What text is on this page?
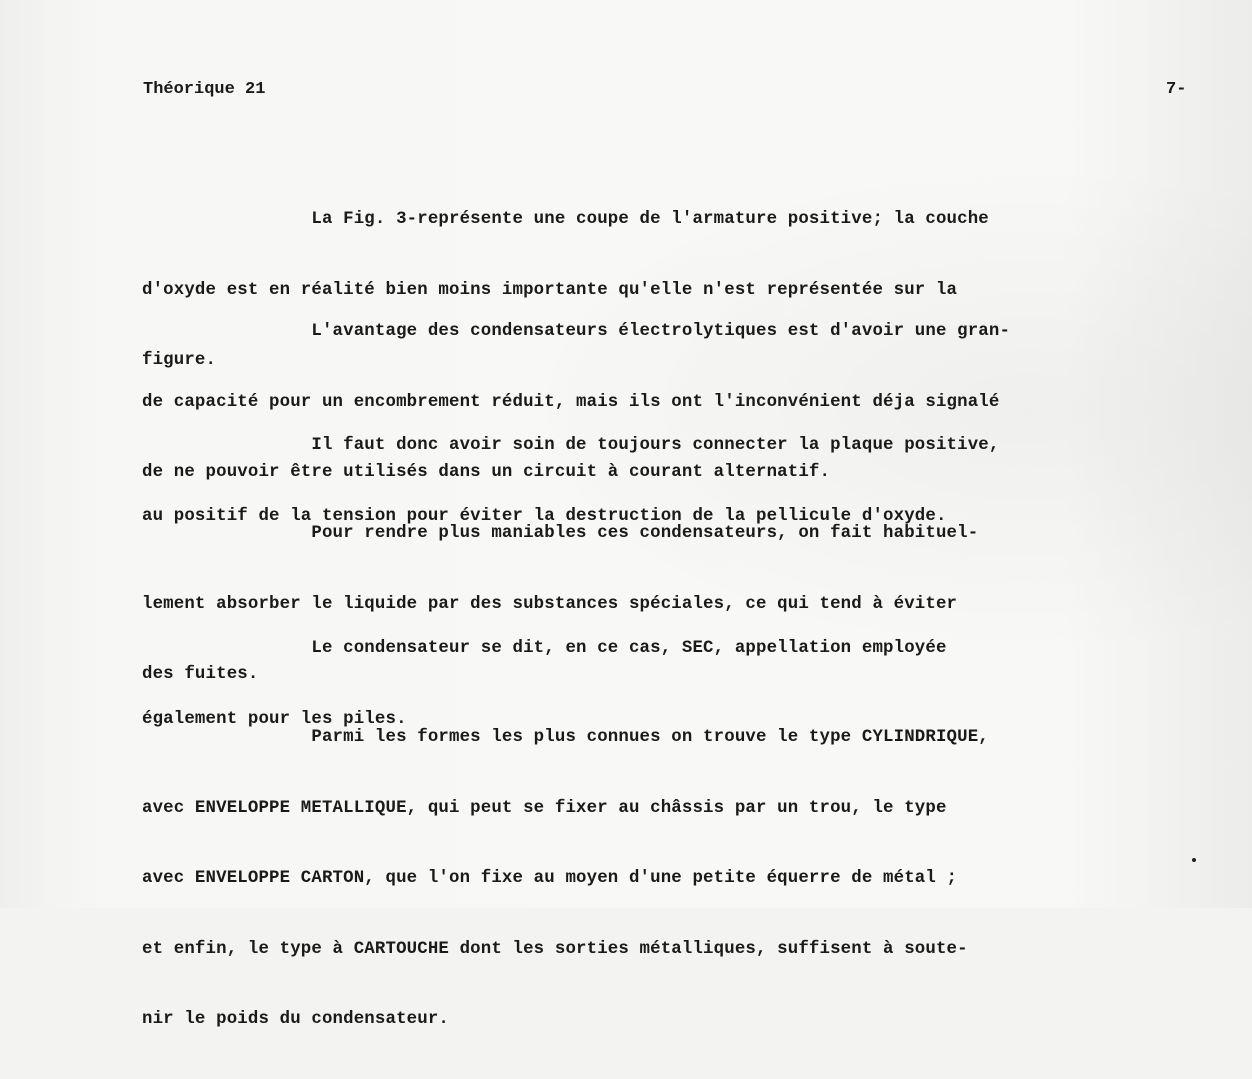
Théorique 21	7-

La Fig. 3-représente une coupe de l'armature positive; la couche

d'oxyde est en réalité bien moins importante qu'elle n'est représentée sur la

figure.

L'avantage des condensateurs électrolytiques est d'avoir une gran-

de capacité pour un encombrement réduit, mais ils ont l'inconvénient déja signalé

de ne pouvoir être utilisés dans un circuit à courant alternatif.

Il faut donc avoir soin de toujours connecter la plaque positive,

au positif de la tension pour éviter la destruction de la pellicule d'oxyde.

Pour rendre plus maniables ces condensateurs, on fait habituel-

lement absorber le liquide par des substances spéciales, ce qui tend à éviter

des fuites.

Le condensateur se dit, en ce cas, SEC, appellation employée

également pour les piles.

Parmi les formes les plus connues on trouve le type CYLINDRIQUE,

avec ENVELOPPE METALLIQUE, qui peut se fixer au châssis par un trou, le type

avec ENVELOPPE CARTON, que l'on fixe au moyen d'une petite équerre de métal ;

et enfin, le type à CARTOUCHE dont les sorties métalliques, suffisent à soute-

nir le poids du condensateur.
